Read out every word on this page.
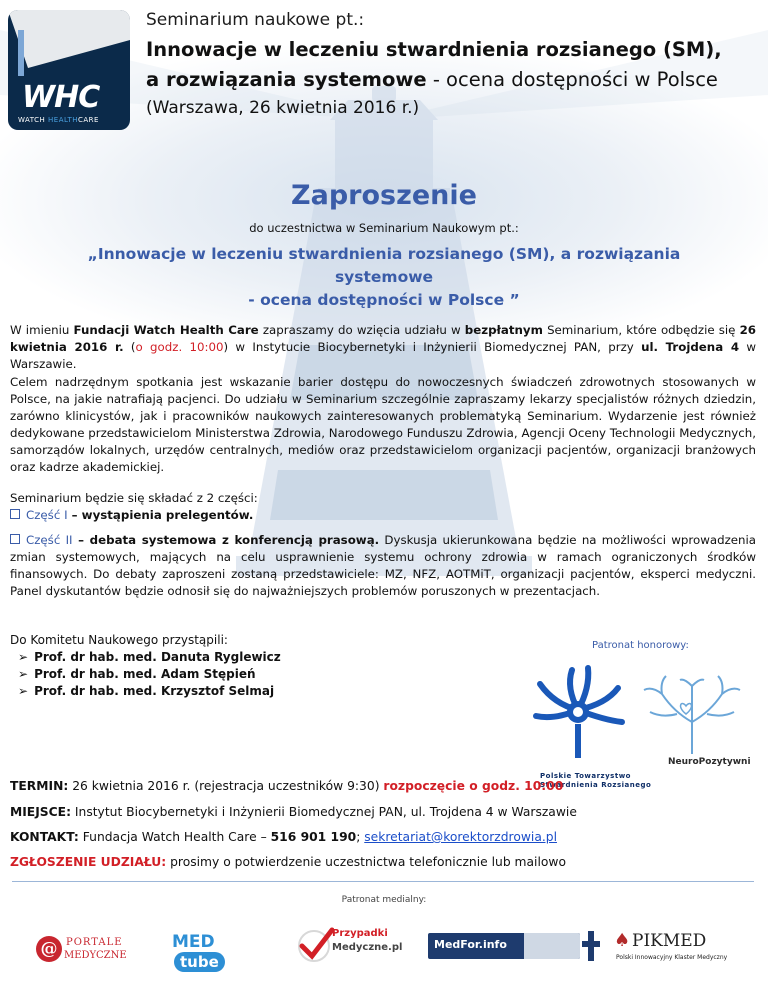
WHC
WATCH HEALTHCARE
Seminarium naukowe pt.:
Innowacje w leczeniu stwardnienia rozsianego (SM),
a rozwiązania systemowe - ocena dostępności w Polsce
(Warszawa, 26 kwietnia 2016 r.)
Zaproszenie
do uczestnictwa w Seminarium Naukowym pt.:
„Innowacje w leczeniu stwardnienia rozsianego (SM), a rozwiązania systemowe
- ocena dostępności w Polsce ”
W imieniu Fundacji Watch Health Care zapraszamy do wzięcia udziału w bezpłatnym Seminarium, które odbędzie się 26 kwietnia 2016 r. (o godz. 10:00) w Instytucie Biocybernetyki i Inżynierii Biomedycznej PAN, przy ul. Trojdena 4 w Warszawie.
Celem nadrzędnym spotkania jest wskazanie barier dostępu do nowoczesnych świadczeń zdrowotnych stosowanych w Polsce, na jakie natrafiają pacjenci. Do udziału w Seminarium szczególnie zapraszamy lekarzy specjalistów różnych dziedzin, zarówno klinicystów, jak i pracowników naukowych zainteresowanych problematyką Seminarium. Wydarzenie jest również dedykowane przedstawicielom Ministerstwa Zdrowia, Narodowego Funduszu Zdrowia, Agencji Oceny Technologii Medycznych, samorządów lokalnych, urzędów centralnych, mediów oraz przedstawicielom organizacji pacjentów, organizacji branżowych oraz kadrze akademickiej.
Seminarium będzie się składać z 2 części:
Część I – wystąpienia prelegentów.
Część II – debata systemowa z konferencją prasową. Dyskusja ukierunkowana będzie na możliwości wprowadzenia zmian systemowych, mających na celu usprawnienie systemu ochrony zdrowia w ramach ograniczonych środków finansowych. Do debaty zaproszeni zostaną przedstawiciele: MZ, NFZ, AOTMiT, organizacji pacjentów, eksperci medyczni. Panel dyskutantów będzie odnosił się do najważniejszych problemów poruszonych w prezentacjach.
Do Komitetu Naukowego przystąpili:
➢ Prof. dr hab. med. Danuta Ryglewicz
➢ Prof. dr hab. med. Adam Stępień
➢ Prof. dr hab. med. Krzysztof Selmaj
Patronat honorowy:
Polskie Towarzystwo
Stwardnienia Rozsianego
NeuroPozytywni
TERMIN: 26 kwietnia 2016 r. (rejestracja uczestników 9:30) rozpoczęcie o godz. 10:00
MIEJSCE: Instytut Biocybernetyki i Inżynierii Biomedycznej PAN, ul. Trojdena 4 w Warszawie
KONTAKT: Fundacja Watch Health Care – 516 901 190; sekretariat@korektorzdrowia.pl
ZGŁOSZENIE UDZIAŁU: prosimy o potwierdzenie uczestnictwa telefonicznie lub mailowo
Patronat medialny:
@ PORTALE
MEDYCZNE
MEDtube
Przypadki
Medyczne.pl	MedFor.info	♠ PIKMED
Polski Innowacyjny Klaster Medyczny
